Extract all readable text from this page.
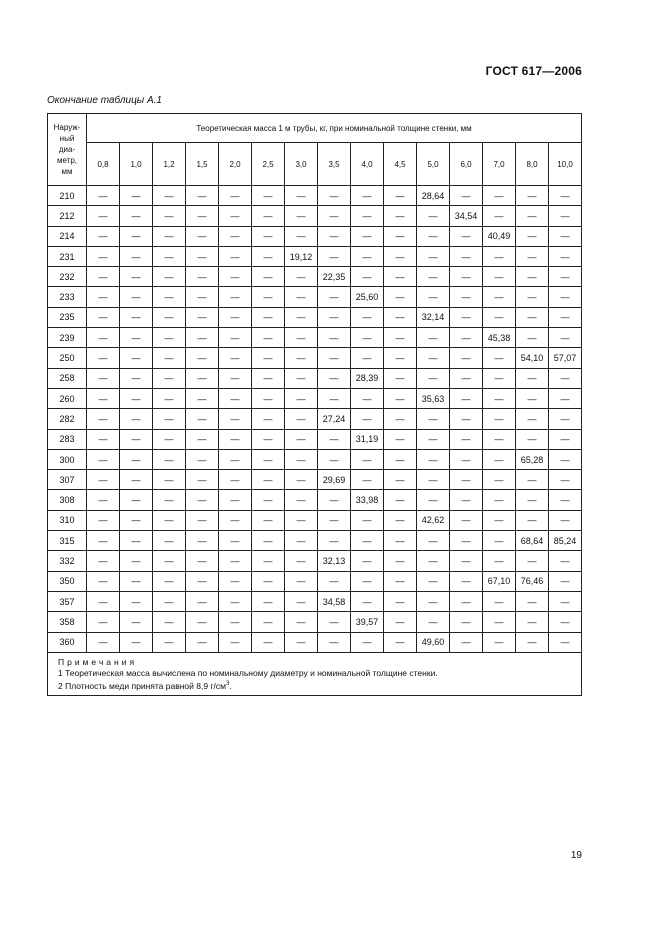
ГОСТ 617—2006
Окончание таблицы А.1
Наруж-
ный
диа-
метр,
мм	Теоретическая масса 1 м трубы, кг, при номинальной толщине стенки, мм														
	0,8	1,0	1,2	1,5	2,0	2,5	3,0	3,5	4,0	4,5	5,0	6,0	7,0	8,0	10,0
210	—	—	—	—	—	—	—	—	—	—	28,64	—	—	—	—
212	—	—	—	—	—	—	—	—	—	—	—	34,54	—	—	—
214	—	—	—	—	—	—	—	—	—	—	—	—	40,49	—	—
231	—	—	—	—	—	—	19,12	—	—	—	—	—	—	—	—
232	—	—	—	—	—	—	—	22,35	—	—	—	—	—	—	—
233	—	—	—	—	—	—	—	—	25,60	—	—	—	—	—	—
235	—	—	—	—	—	—	—	—	—	—	32,14	—	—	—	—
239	—	—	—	—	—	—	—	—	—	—	—	—	45,38	—	—
250	—	—	—	—	—	—	—	—	—	—	—	—	—	54,10	57,07
258	—	—	—	—	—	—	—	—	28,39	—	—	—	—	—	—
260	—	—	—	—	—	—	—	—	—	—	35,63	—	—	—	—
282	—	—	—	—	—	—	—	27,24	—	—	—	—	—	—	—
283	—	—	—	—	—	—	—	—	31,19	—	—	—	—	—	—
300	—	—	—	—	—	—	—	—	—	—	—	—	—	65,28	—
307	—	—	—	—	—	—	—	29,69	—	—	—	—	—	—	—
308	—	—	—	—	—	—	—	—	33,98	—	—	—	—	—	—
310	—	—	—	—	—	—	—	—	—	—	42,62	—	—	—	—
315	—	—	—	—	—	—	—	—	—	—	—	—	—	68,64	85,24
332	—	—	—	—	—	—	—	32,13	—	—	—	—	—	—	—
350	—	—	—	—	—	—	—	—	—	—	—	—	67,10	76,46	—
357	—	—	—	—	—	—	—	34,58	—	—	—	—	—	—	—
358	—	—	—	—	—	—	—	—	39,57	—	—	—	—	—	—
360	—	—	—	—	—	—	—	—	—	—	49,60	—	—	—	—

Примечания
1 Теоретическая масса вычислена по номинальному диаметру и номинальной толщине стенки.
2 Плотность меди принята равной 8,9 $г/см^3$.															
19
